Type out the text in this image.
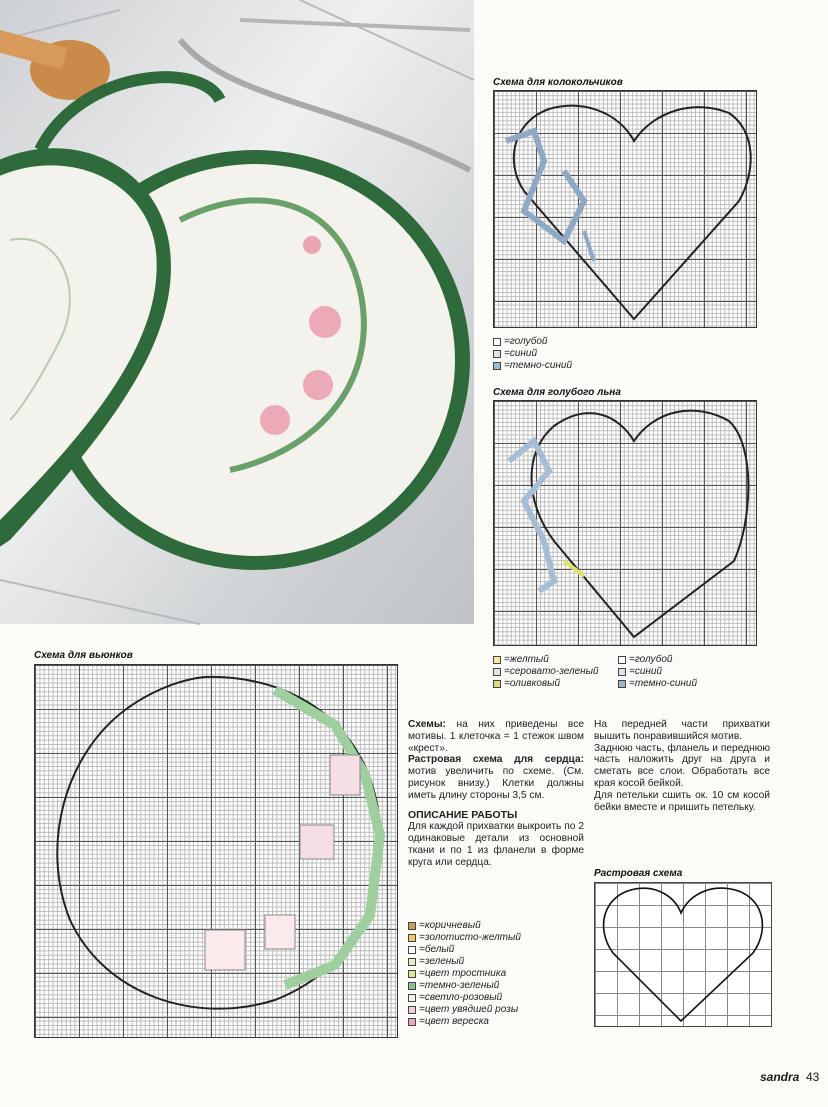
Схема для колокольчиков
=голубой
=синий
=темно-синий
Схема для голубого льна
=желтый
=серовато-зеленый
=оливковый
=голубой
=синий
=темно-синий
Схема для вьюнков
=коричневый
=золотисто-желтый
=белый
=зеленый
=цвет тростника
=темно-зеленый
=светло-розовый
=цвет увядшей розы
=цвет вереска
Схемы: на них приведены все мотивы. 1 клеточка = 1 стежок швом «крест».
Растровая схема для сердца: мотив увеличить по схеме. (См. рисунок внизу.) Клетки должны иметь длину стороны 3,5 см.
ОПИСАНИЕ РАБОТЫ
Для каждой прихватки выкроить по 2 одинаковые детали из основной ткани и по 1 из фланели в форме круга или сердца.
На передней части прихватки вышить понравившийся мотив.
Заднюю часть, фланель и переднюю часть наложить друг на друга и сметать все слои. Обработать все края косой бейкой.
Для петельки сшить ок. 10 см косой бейки вместе и пришить петельку.
Растровая схема
sandra 43
